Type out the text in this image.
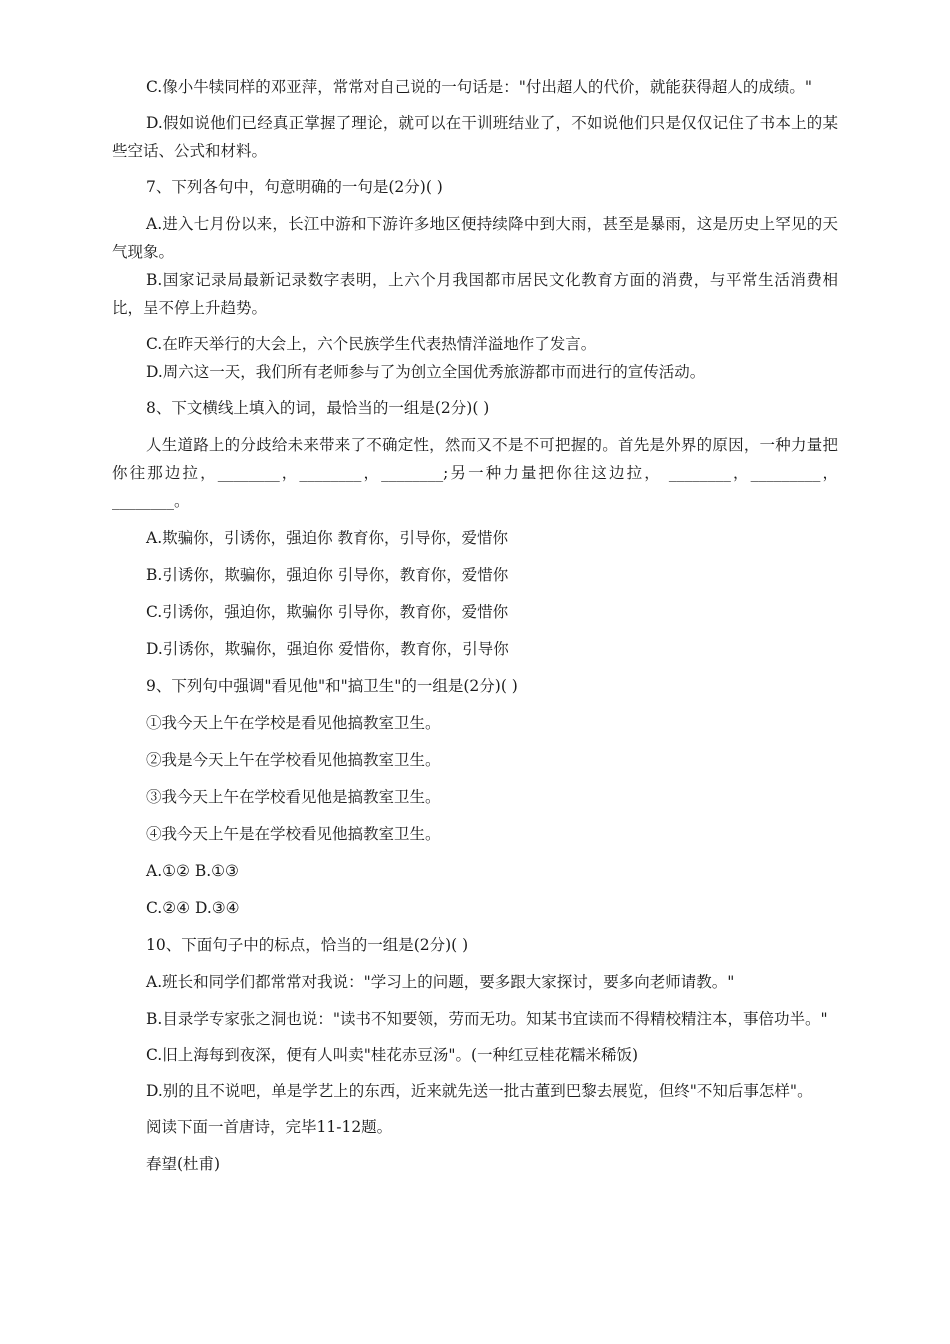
C.像小牛犊同样的邓亚萍，常常对自己说的一句话是："付出超人的代价，就能获得超人的成绩。"

D.假如说他们已经真正掌握了理论，就可以在干训班结业了，不如说他们只是仅仅记住了书本上的某些空话、公式和材料。

7、下列各句中，句意明确的一句是(2分)( )

A.进入七月份以来，长江中游和下游许多地区便持续降中到大雨，甚至是暴雨，这是历史上罕见的天气现象。

B.国家记录局最新记录数字表明，上六个月我国都市居民文化教育方面的消费，与平常生活消费相比，呈不停上升趋势。

C.在昨天举行的大会上，六个民族学生代表热情洋溢地作了发言。

D.周六这一天，我们所有老师参与了为创立全国优秀旅游都市而进行的宣传活动。

8、下文横线上填入的词，最恰当的一组是(2分)( )

人生道路上的分歧给未来带来了不确定性，然而又不是不可把握的。首先是外界的原因，一种力量把你往那边拉，________，________，________;另一种力量把你往这边拉， ________，_________，________。

A.欺骗你，引诱你，强迫你 教育你，引导你，爱惜你

B.引诱你，欺骗你，强迫你 引导你，教育你，爱惜你

C.引诱你，强迫你，欺骗你 引导你，教育你，爱惜你

D.引诱你，欺骗你，强迫你 爱惜你，教育你，引导你

9、下列句中强调"看见他"和"搞卫生"的一组是(2分)( )

①我今天上午在学校是看见他搞教室卫生。

②我是今天上午在学校看见他搞教室卫生。

③我今天上午在学校看见他是搞教室卫生。

④我今天上午是在学校看见他搞教室卫生。

A.①② B.①③

C.②④ D.③④

10、下面句子中的标点，恰当的一组是(2分)( )

A.班长和同学们都常常对我说："学习上的问题，要多跟大家探讨，要多向老师请教。"

B.目录学专家张之洞也说："读书不知要领，劳而无功。知某书宜读而不得精校精注本，事倍功半。"

C.旧上海每到夜深，便有人叫卖"桂花赤豆汤"。(一种红豆桂花糯米稀饭)

D.别的且不说吧，单是学艺上的东西，近来就先送一批古董到巴黎去展览，但终"不知后事怎样"。

阅读下面一首唐诗，完毕11-12题。

春望(杜甫)
